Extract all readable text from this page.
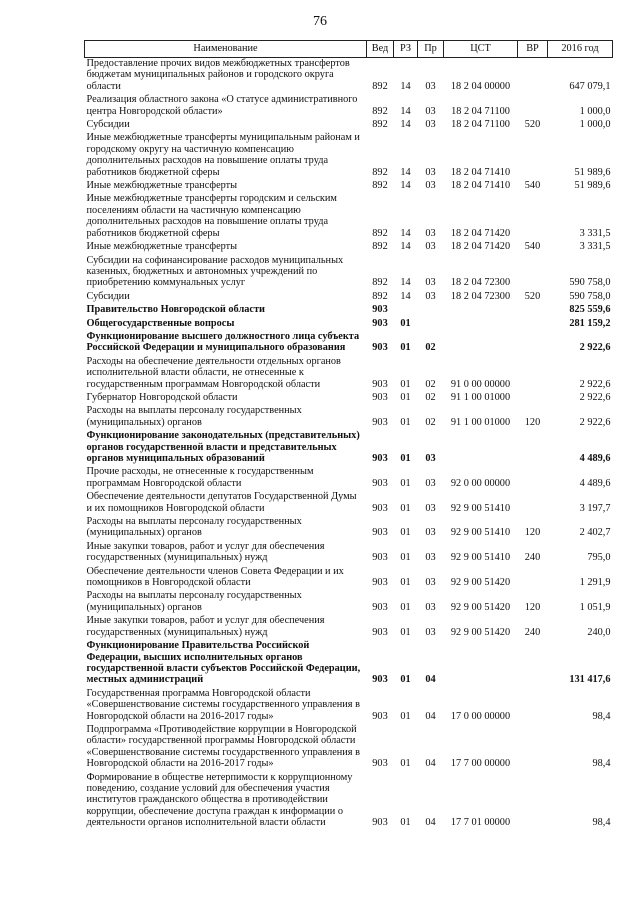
76
Наименование	Вед	РЗ	Пр	ЦСТ	ВР	2016 год
Предоставление прочих видов межбюджетных трансфертов бюджетам муниципальных районов и городского округа области	892	14	03	18 2 04 00000		647 079,1
Реализация областного закона «О статусе административного центра Новгородской области»	892	14	03	18 2 04 71100		1 000,0
Субсидии	892	14	03	18 2 04 71100	520	1 000,0
Иные межбюджетные трансферты муниципальным районам и городскому округу на частичную компенсацию дополнительных расходов на повышение оплаты труда работников бюджетной сферы	892	14	03	18 2 04 71410		51 989,6
Иные межбюджетные трансферты	892	14	03	18 2 04 71410	540	51 989,6
Иные межбюджетные трансферты городским и сельским поселениям области на частичную компенсацию дополнительных расходов на повышение оплаты труда работников бюджетной сферы	892	14	03	18 2 04 71420		3 331,5
Иные межбюджетные трансферты	892	14	03	18 2 04 71420	540	3 331,5
Субсидии на софинансирование расходов муниципальных казенных, бюджетных и автономных учреждений по приобретению коммунальных услуг	892	14	03	18 2 04 72300		590 758,0
Субсидии	892	14	03	18 2 04 72300	520	590 758,0
Правительство Новгородской области	903					825 559,6
Общегосударственные вопросы	903	01				281 159,2
Функционирование высшего должностного лица субъекта Российской Федерации и муниципального образования	903	01	02			2 922,6
Расходы на обеспечение деятельности отдельных органов исполнительной власти области, не отнесенные к государственным программам Новгородской области	903	01	02	91 0 00 00000		2 922,6
Губернатор Новгородской области	903	01	02	91 1 00 01000		2 922,6
Расходы на выплаты персоналу государственных (муниципальных) органов	903	01	02	91 1 00 01000	120	2 922,6
Функционирование законодательных (представительных) органов государственной власти и представительных органов муниципальных образований	903	01	03			4 489,6
Прочие расходы, не отнесенные к государственным программам Новгородской области	903	01	03	92 0 00 00000		4 489,6
Обеспечение деятельности депутатов Государственной Думы и их помощников Новгородской области	903	01	03	92 9 00 51410		3 197,7
Расходы на выплаты персоналу государственных (муниципальных) органов	903	01	03	92 9 00 51410	120	2 402,7
Иные закупки товаров, работ и услуг для обеспечения государственных (муниципальных) нужд	903	01	03	92 9 00 51410	240	795,0
Обеспечение деятельности членов Совета Федерации и их помощников в Новгородской области	903	01	03	92 9 00 51420		1 291,9
Расходы на выплаты персоналу государственных (муниципальных) органов	903	01	03	92 9 00 51420	120	1 051,9
Иные закупки товаров, работ и услуг для обеспечения государственных (муниципальных) нужд	903	01	03	92 9 00 51420	240	240,0
Функционирование Правительства Российской Федерации, высших исполнительных органов государственной власти субъектов Российской Федерации, местных администраций	903	01	04			131 417,6
Государственная программа Новгородской области «Совершенствование системы государственного управления в Новгородской области на 2016-2017 годы»	903	01	04	17 0 00 00000		98,4
Подпрограмма «Противодействие коррупции в Новгородской области» государственной программы Новгородской области «Совершенствование системы государственного управления в Новгородской области на 2016-2017 годы»	903	01	04	17 7 00 00000		98,4
Формирование в обществе нетерпимости к коррупционному поведению, создание условий для обеспечения участия институтов гражданского общества в противодействии коррупции, обеспечение доступа граждан к информации о деятельности органов исполнительной власти области	903	01	04	17 7 01 00000		98,4
